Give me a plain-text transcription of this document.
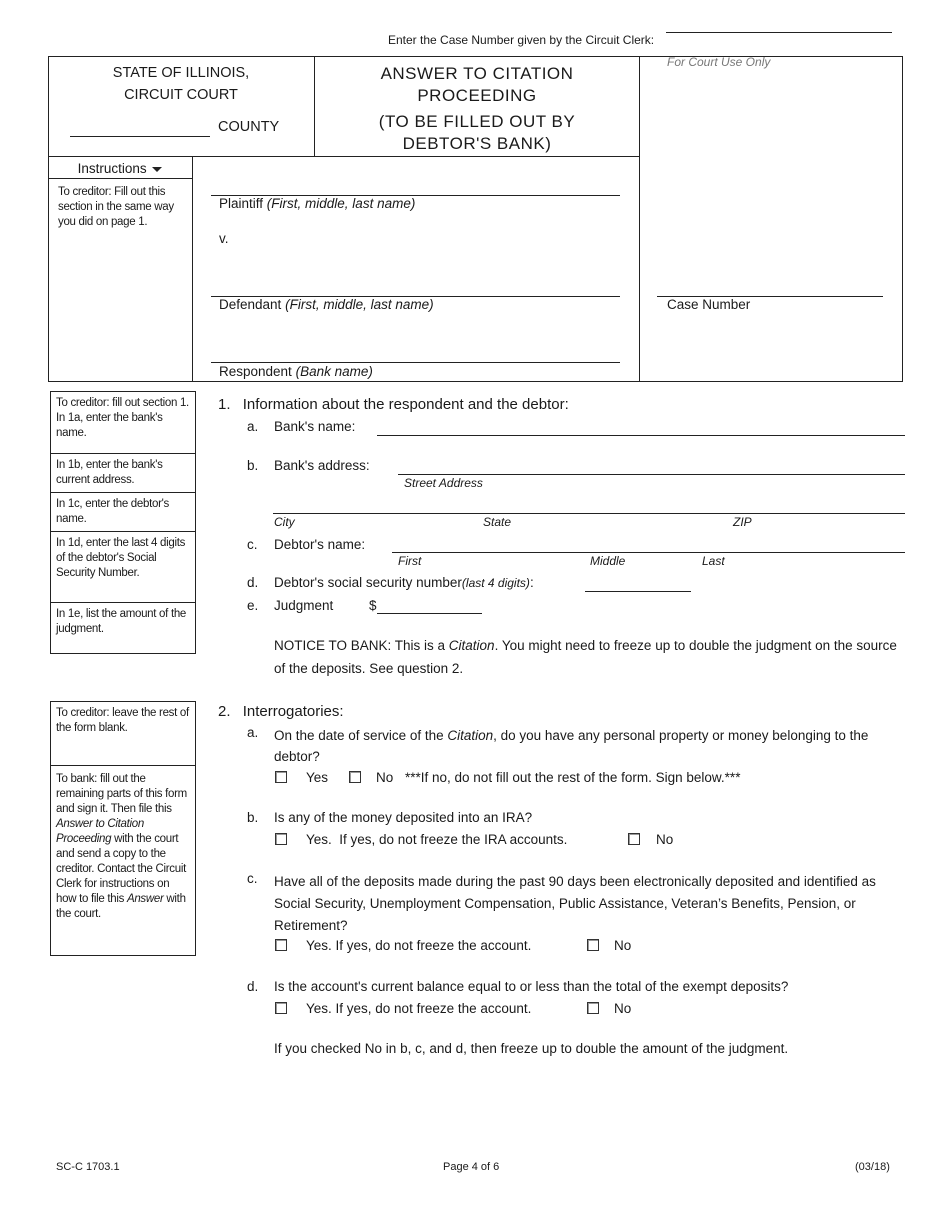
Enter the Case Number given by the Circuit Clerk:
STATE OF ILLINOIS,
CIRCUIT COURT
COUNTY
ANSWER TO CITATION
PROCEEDING
(TO BE FILLED OUT BY
DEBTOR'S BANK)
For Court Use Only
Case Number
Instructions
To creditor: Fill out this section in the same way you did on page 1.
Plaintiff (First, middle, last name)
v.
Defendant (First, middle, last name)
Respondent (Bank name)
To creditor: fill out section 1. In 1a, enter the bank's name.
In 1b, enter the bank's current address.
In 1c, enter the debtor's name.
In 1d, enter the last 4 digits of the debtor's Social Security Number.
In 1e, list the amount of the judgment.
To creditor: leave the rest of the form blank.
To bank: fill out the remaining parts of this form and sign it. Then file this Answer to Citation Proceeding with the court and send a copy to the creditor. Contact the Circuit Clerk for instructions on how to file this Answer with the court.
1. Information about the respondent and the debtor:
a. Bank's name:
b. Bank's address:
Street Address
City	State	ZIP
c. Debtor's name:
First	Middle	Last
d. Debtor's social security number(last 4 digits):
e. Judgment	$
NOTICE TO BANK: This is a Citation. You might need to freeze up to double the judgment on the source of the deposits. See question 2.
2. Interrogatories:
a. On the date of service of the Citation, do you have any personal property or money belonging to the debtor?
Yes	No ***If no, do not fill out the rest of the form. Sign below.***
b. Is any of the money deposited into an IRA?
Yes.  If yes, do not freeze the IRA accounts.	No
c. Have all of the deposits made during the past 90 days been electronically deposited and identified as Social Security, Unemployment Compensation, Public Assistance, Veteran’s Benefits, Pension, or Retirement?
Yes. If yes, do not freeze the account.	No
d. Is the account's current balance equal to or less than the total of the exempt deposits?
Yes. If yes, do not freeze the account.	No
If you checked No in b, c, and d, then freeze up to double the amount of the judgment.
SC-C 1703.1	Page 4 of 6	(03/18)
